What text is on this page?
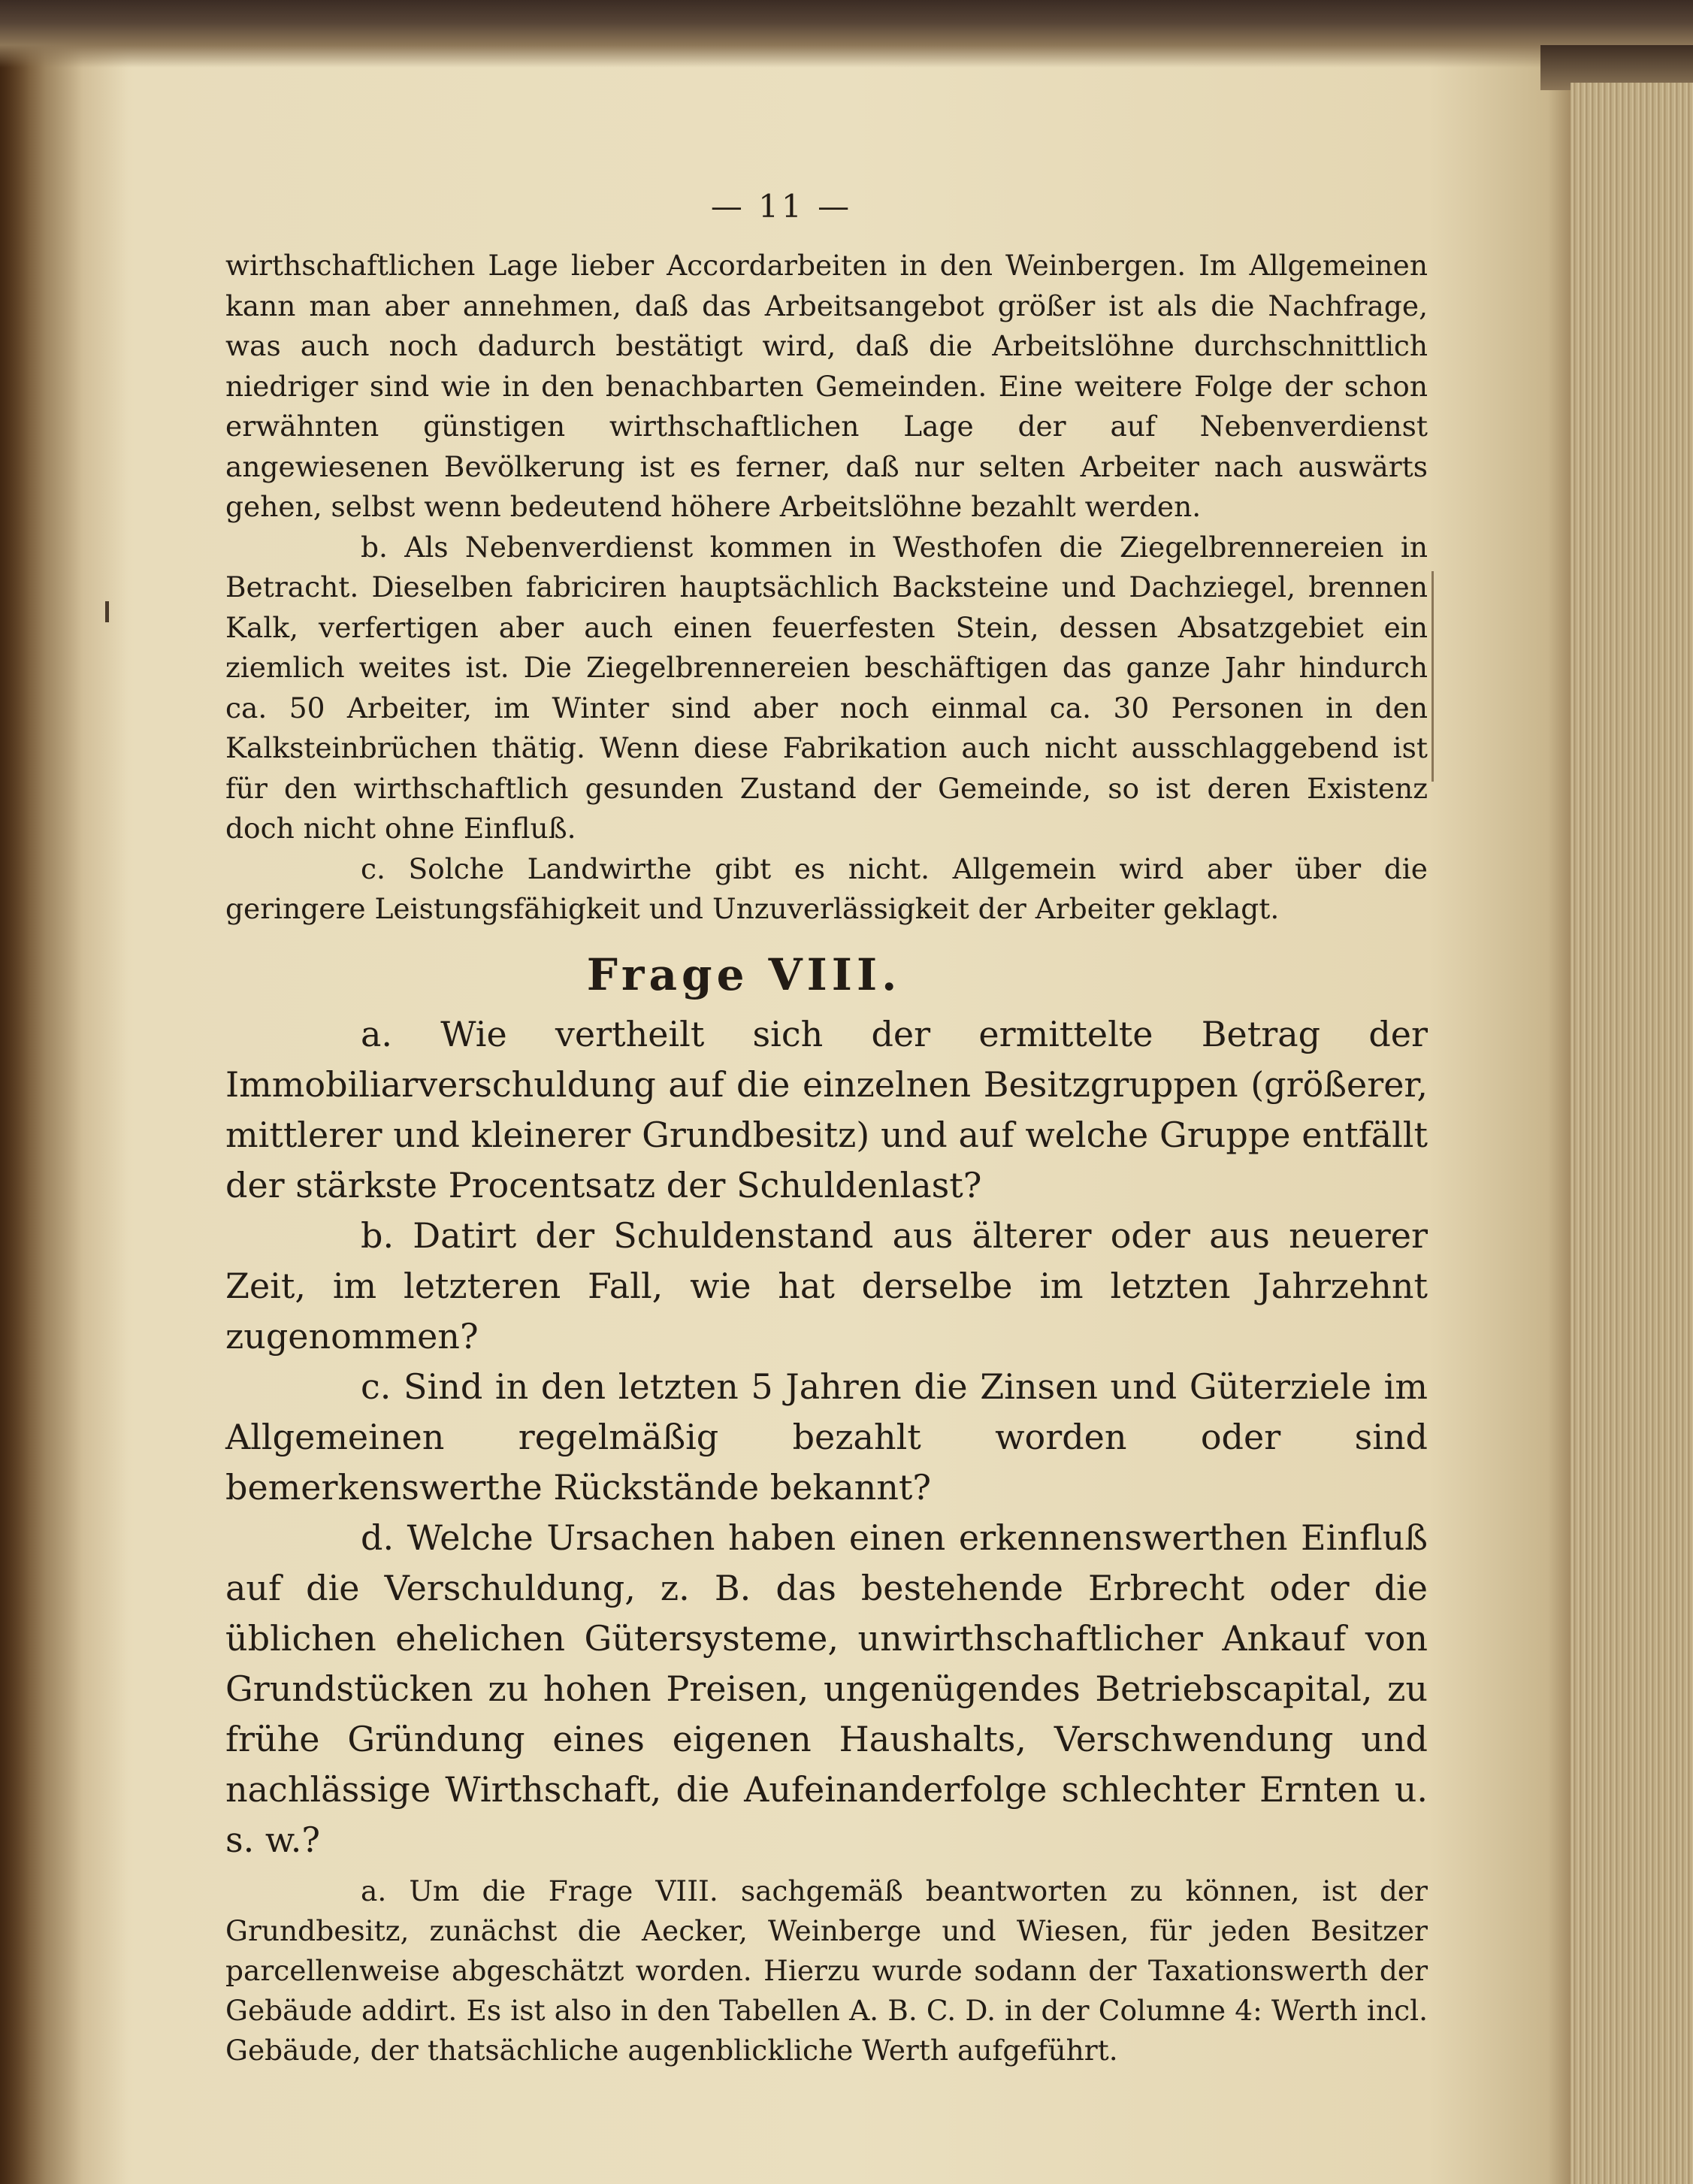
— 11 —

wirthschaftlichen Lage lieber Accordarbeiten in den Weinbergen. Im Allgemeinen kann man aber annehmen, daß das Arbeitsangebot größer ist als die Nachfrage, was auch noch dadurch bestätigt wird, daß die Arbeitslöhne durchschnittlich niedriger sind wie in den benachbarten Gemeinden. Eine weitere Folge der schon erwähnten günstigen wirthschaftlichen Lage der auf Nebenverdienst angewiesenen Bevölkerung ist es ferner, daß nur selten Arbeiter nach auswärts gehen, selbst wenn bedeutend höhere Arbeitslöhne bezahlt werden.

b. Als Nebenverdienst kommen in Westhofen die Ziegelbrennereien in Betracht. Dieselben fabriciren hauptsächlich Backsteine und Dachziegel, brennen Kalk, verfertigen aber auch einen feuerfesten Stein, dessen Absatzgebiet ein ziemlich weites ist. Die Ziegelbrennereien beschäftigen das ganze Jahr hindurch ca. 50 Arbeiter, im Winter sind aber noch einmal ca. 30 Personen in den Kalksteinbrüchen thätig. Wenn diese Fabrikation auch nicht ausschlaggebend ist für den wirthschaftlich gesunden Zustand der Gemeinde, so ist deren Existenz doch nicht ohne Einfluß.

c. Solche Landwirthe gibt es nicht. Allgemein wird aber über die geringere Leistungsfähigkeit und Unzuverlässigkeit der Arbeiter geklagt.

Frage VIII.

a. Wie vertheilt sich der ermittelte Betrag der Immobiliarverschuldung auf die einzelnen Besitzgruppen (größerer, mittlerer und kleinerer Grundbesitz) und auf welche Gruppe entfällt der stärkste Procentsatz der Schuldenlast?

b. Datirt der Schuldenstand aus älterer oder aus neuerer Zeit, im letzteren Fall, wie hat derselbe im letzten Jahrzehnt zugenommen?

c. Sind in den letzten 5 Jahren die Zinsen und Güterziele im Allgemeinen regelmäßig bezahlt worden oder sind bemerkenswerthe Rückstände bekannt?

d. Welche Ursachen haben einen erkennenswerthen Einfluß auf die Verschuldung, z. B. das bestehende Erbrecht oder die üblichen ehelichen Gütersysteme, unwirthschaftlicher Ankauf von Grundstücken zu hohen Preisen, ungenügendes Betriebscapital, zu frühe Gründung eines eigenen Haushalts, Verschwendung und nachlässige Wirthschaft, die Aufeinanderfolge schlechter Ernten u. s. w.?

a. Um die Frage VIII. sachgemäß beantworten zu können, ist der Grundbesitz, zunächst die Aecker, Weinberge und Wiesen, für jeden Besitzer parcellenweise abgeschätzt worden. Hierzu wurde sodann der Taxationswerth der Gebäude addirt. Es ist also in den Tabellen A. B. C. D. in der Columne 4: Werth incl. Gebäude, der thatsächliche augenblickliche Werth aufgeführt.
